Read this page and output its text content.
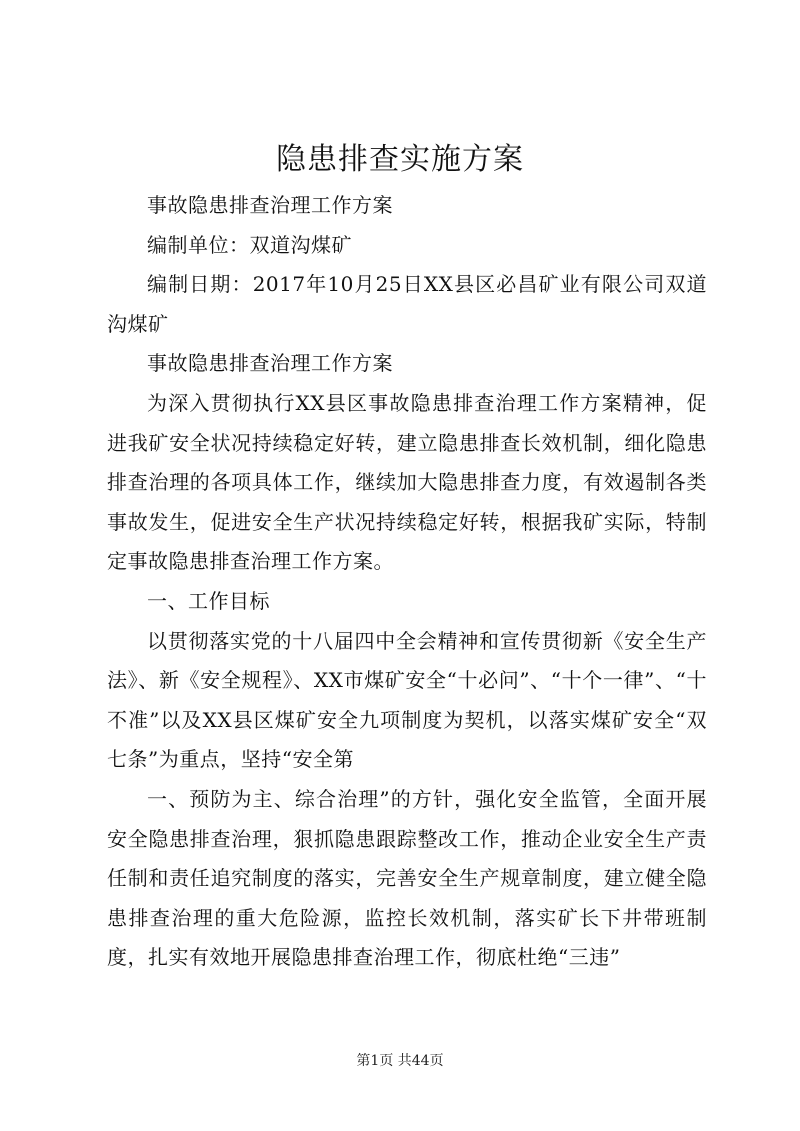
隐患排查实施方案

事故隐患排查治理工作方案

编制单位：双道沟煤矿

编制日期：2017年10月25日XX县区必昌矿业有限公司双道沟煤矿

事故隐患排查治理工作方案

为深入贯彻执行XX县区事故隐患排查治理工作方案精神，促进我矿安全状况持续稳定好转，建立隐患排查长效机制，细化隐患排查治理的各项具体工作，继续加大隐患排查力度，有效遏制各类事故发生，促进安全生产状况持续稳定好转，根据我矿实际，特制定事故隐患排查治理工作方案。

一、工作目标

以贯彻落实党的十八届四中全会精神和宣传贯彻新《安全生产法》、新《安全规程》、XX市煤矿安全“十必问”、“十个一律”、“十不准”以及XX县区煤矿安全九项制度为契机，以落实煤矿安全“双七条”为重点，坚持“安全第

一、预防为主、综合治理”的方针，强化安全监管，全面开展安全隐患排查治理，狠抓隐患跟踪整改工作，推动企业安全生产责任制和责任追究制度的落实，完善安全生产规章制度，建立健全隐患排查治理的重大危险源，监控长效机制，落实矿长下井带班制度，扎实有效地开展隐患排查治理工作，彻底杜绝“三违”

第1页 共44页
